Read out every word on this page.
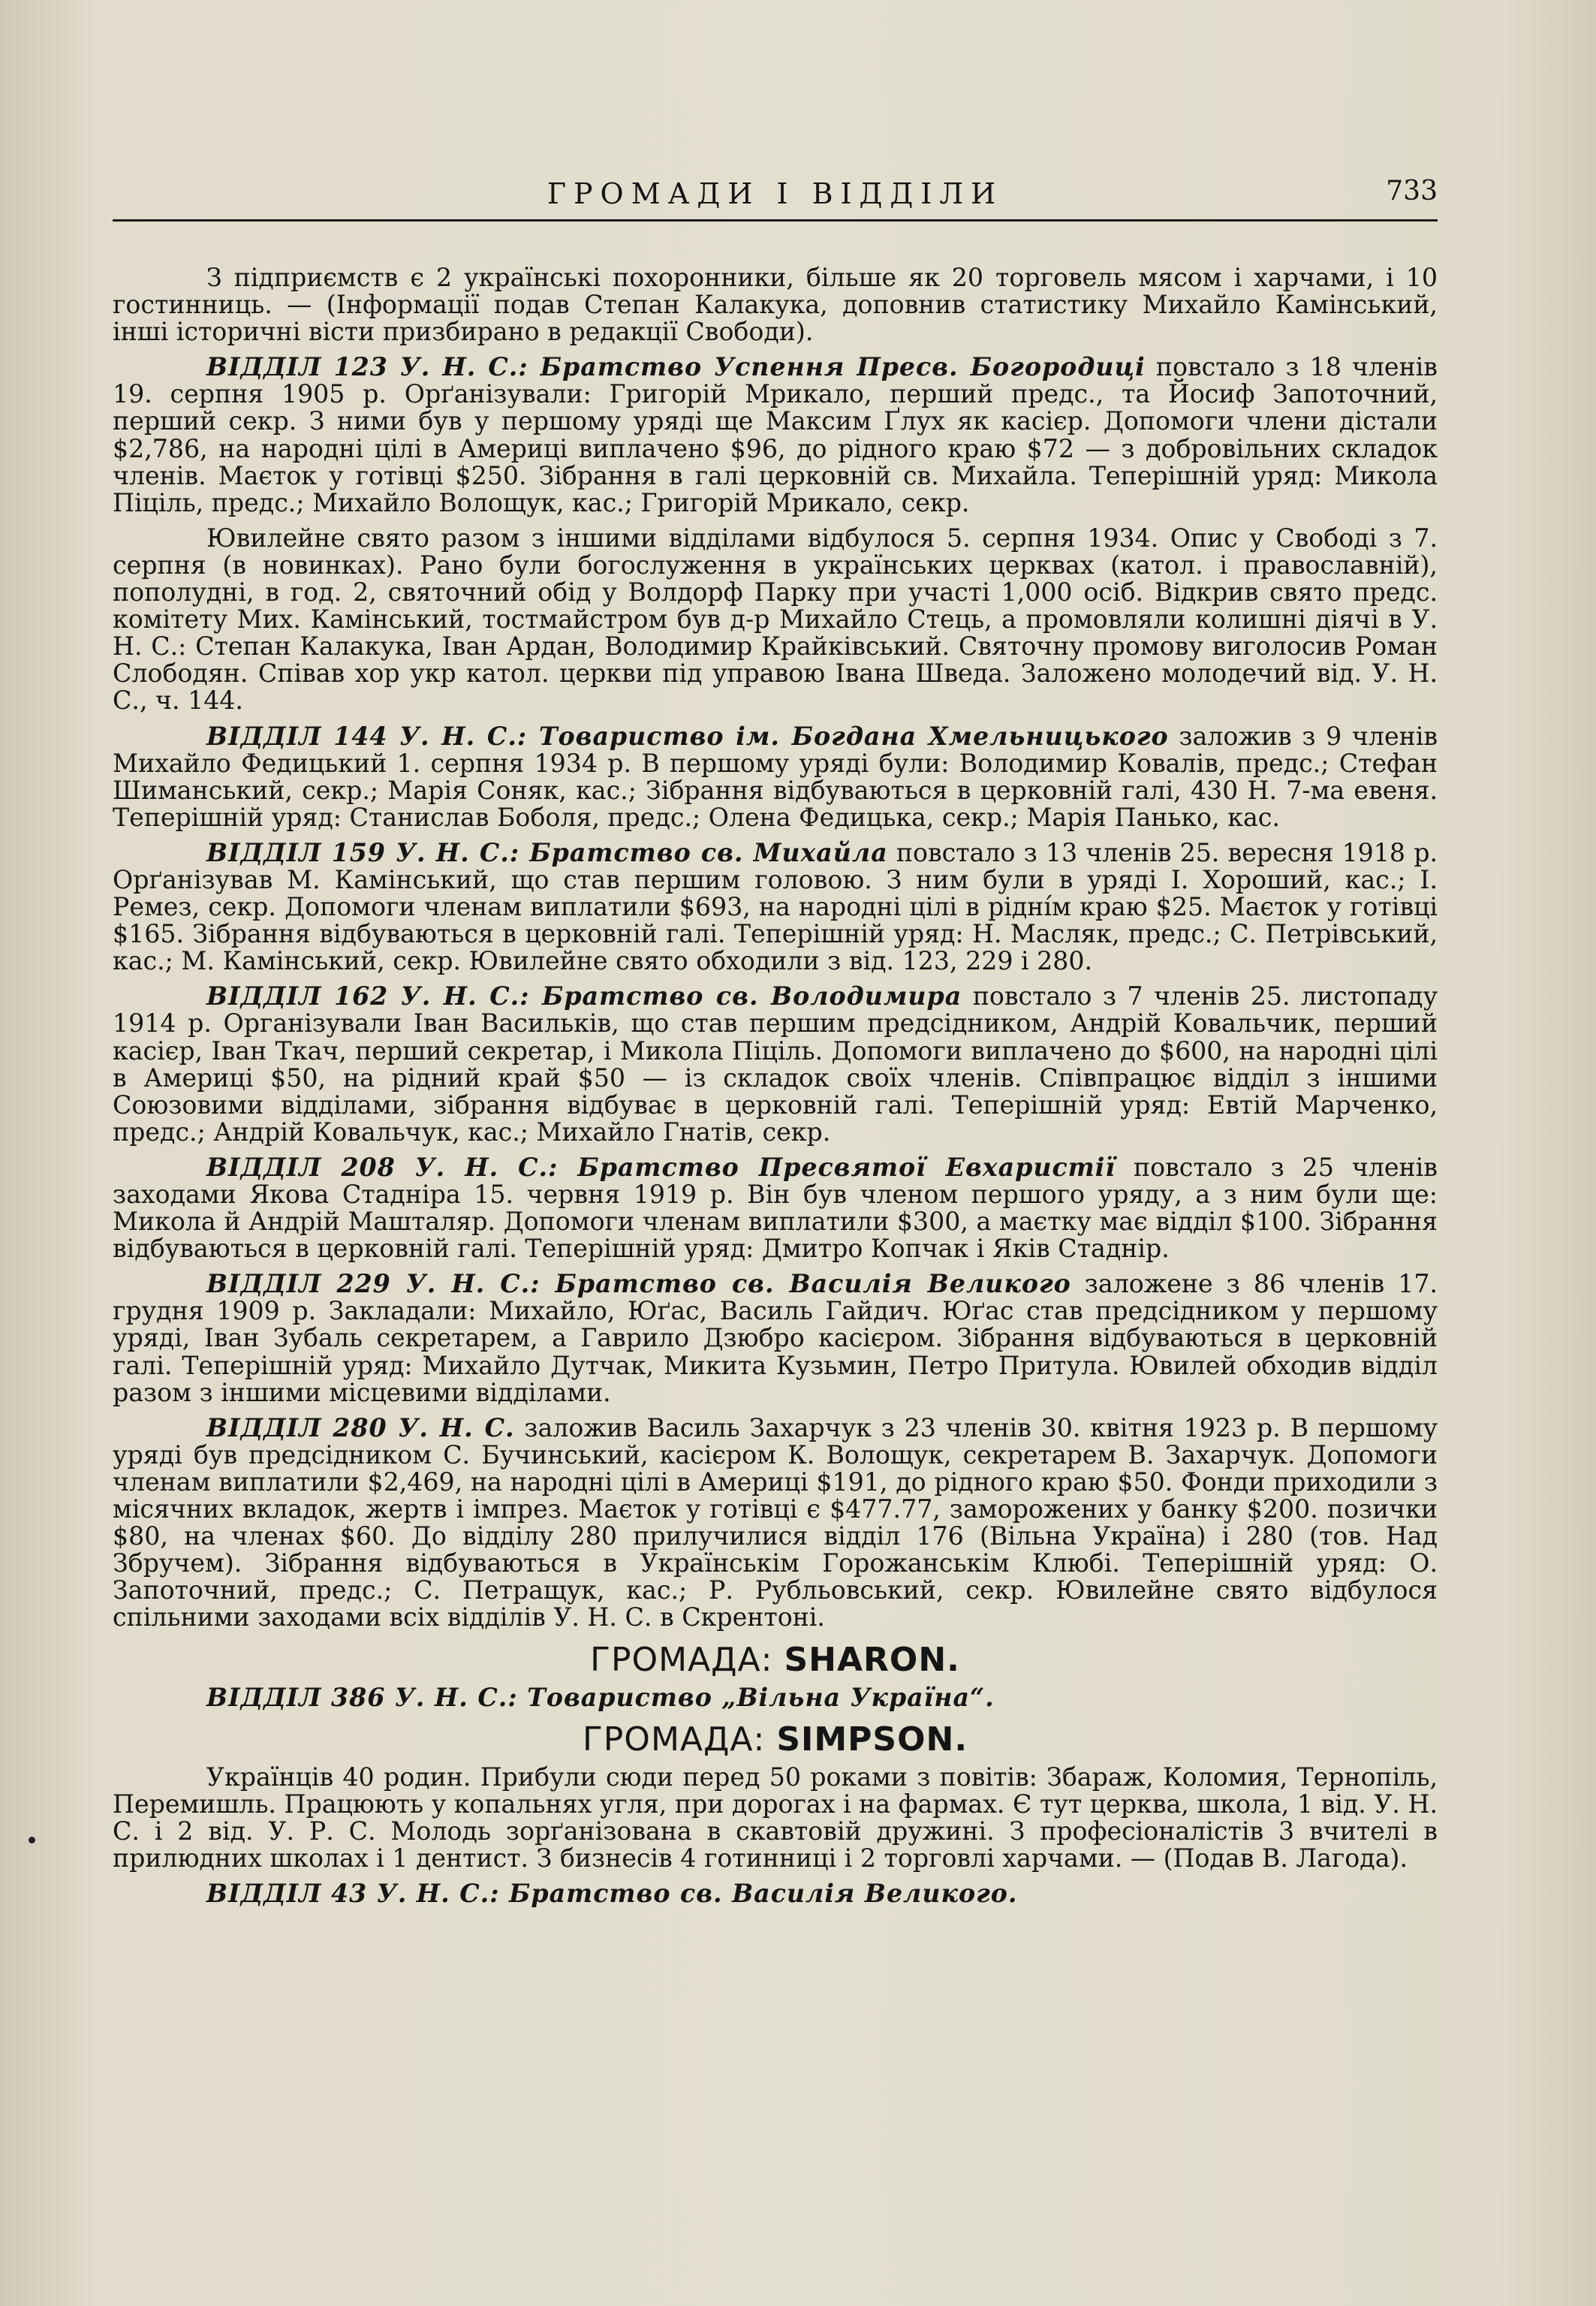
ГРОМАДИ І ВІДДІЛИ	733

З підприємств є 2 українські похоронники, більше як 20 торговель мясом і харчами, і 10 гостинниць. — (Інформації подав Степан Калакука, доповнив статистику Михайло Камінський, інші історичні вісти призбирано в редакції Свободи).

ВІДДІЛ 123 У. Н. С.: Братство Успення Пресв. Богородиці повстало з 18 членів 19. серпня 1905 р. Орґанізували: Григорій Мрикало, перший предс., та Йосиф Запоточний, перший секр. З ними був у першому уряді ще Максим Ґлух як касієр. Допомоги члени дістали $2,786, на народні цілі в Америці виплачено $96, до рідного краю $72 — з добровільних складок членів. Маєток у готівці $250. Зібрання в галі церковній св. Михайла. Теперішній уряд: Микола Піціль, предс.; Михайло Волощук, кас.; Григорій Мрикало, секр.

Ювилейне свято разом з іншими відділами відбулося 5. серпня 1934. Опис у Свободі з 7. серпня (в новинках). Рано були богослуження в українських церквах (катол. і православній), пополудні, в год. 2, святочний обід у Волдорф Парку при участі 1,000 осіб. Відкрив свято предс. комітету Мих. Камінський, тостмайстром був д-р Михайло Стець, а промовляли колишні діячі в У. Н. С.: Степан Калакука, Іван Ардан, Володимир Крайківський. Святочну промову виголосив Роман Слободян. Співав хор укр катол. церкви під управою Івана Шведа. Заложено молодечий від. У. Н. С., ч. 144.

ВІДДІЛ 144 У. Н. С.: Товариство ім. Богдана Хмельницького заложив з 9 членів Михайло Федицький 1. серпня 1934 р. В першому уряді були: Володимир Ковалів, предс.; Стефан Шиманський, секр.; Марія Соняк, кас.; Зібрання відбуваються в церковній галі, 430 Н. 7-ма евеня. Теперішній уряд: Станислав Боболя, предс.; Олена Федицька, секр.; Марія Панько, кас.

ВІДДІЛ 159 У. Н. С.: Братство св. Михайла повстало з 13 членів 25. вересня 1918 р. Орґанізував М. Камінський, що став першим головою. З ним були в уряді І. Хороший, кас.; І. Ремез, секр. Допомоги членам виплатили $693, на народні цілі в рідні́м краю $25. Маєток у готівці $165. Зібрання відбуваються в церковній галі. Теперішній уряд: Н. Масляк, предс.; С. Петрівський, кас.; М. Камінський, секр. Ювилейне свято обходили з від. 123, 229 і 280.

ВІДДІЛ 162 У. Н. С.: Братство св. Володимира повстало з 7 членів 25. листопаду 1914 р. Організували Іван Васильків, що став першим предсідником, Андрій Ковальчик, перший касієр, Іван Ткач, перший секретар, і Микола Піціль. Допомоги виплачено до $600, на народні цілі в Америці $50, на рідний край $50 — із складок своїх членів. Співпрацює відділ з іншими Союзовими відділами, зібрання відбуває в церковній галі. Теперішній уряд: Евтій Марченко, предс.; Андрій Ковальчук, кас.; Михайло Гнатів, секр.

ВІДДІЛ 208 У. Н. С.: Братство Пресвятої Евхаристії повстало з 25 членів заходами Якова Стадніра 15. червня 1919 р. Він був членом першого уряду, а з ним були ще: Микола й Андрій Машталяр. Допомоги членам виплатили $300, а маєтку має відділ $100. Зібрання відбуваються в церковній галі. Теперішній уряд: Дмитро Копчак і Яків Стаднір.

ВІДДІЛ 229 У. Н. С.: Братство св. Василія Великого заложене з 86 членів 17. грудня 1909 р. Закладали: Михайло, Юґас, Василь Гайдич. Юґас став предсідником у першому уряді, Іван Зубаль секретарем, а Гаврило Дзюбро касієром. Зібрання відбуваються в церковній галі. Теперішній уряд: Михайло Дутчак, Микита Кузьмин, Петро Притула. Ювилей обходив відділ разом з іншими місцевими відділами.

ВІДДІЛ 280 У. Н. С. заложив Василь Захарчук з 23 членів 30. квітня 1923 р. В першому уряді був предсідником С. Бучинський, касієром К. Волощук, секретарем В. Захарчук. Допомоги членам виплатили $2,469, на народні цілі в Америці $191, до рідного краю $50. Фонди приходили з місячних вкладок, жертв і імпрез. Маєток у готівці є $477.77, заморожених у банку $200. позички $80, на членах $60. До відділу 280 прилучилися відділ 176 (Вільна Україна) і 280 (тов. Над Збручем). Зібрання відбуваються в Українськім Горожанськім Клюбі. Теперішній уряд: О. Запоточний, предс.; С. Петращук, кас.; Р. Рубльовський, секр. Ювилейне свято відбулося спільними заходами всіх відділів У. Н. С. в Скрентоні.

ГРОМАДА: SHARON.

ВІДДІЛ 386 У. Н. С.: Товариство „Вільна Україна“.

ГРОМАДА: SIMPSON.

Українців 40 родин. Прибули сюди перед 50 роками з повітів: Збараж, Коломия, Тернопіль, Перемишль. Працюють у копальнях угля, при дорогах і на фармах. Є тут церква, школа, 1 від. У. Н. С. і 2 від. У. Р. С. Молодь зорґанізована в скавтовій дружині. З професіоналістів 3 вчителі в прилюдних школах і 1 дентист. З бизнесів 4 готинниці і 2 торговлі харчами. — (Подав В. Лагода).

ВІДДІЛ 43 У. Н. С.: Братство св. Василія Великого.
